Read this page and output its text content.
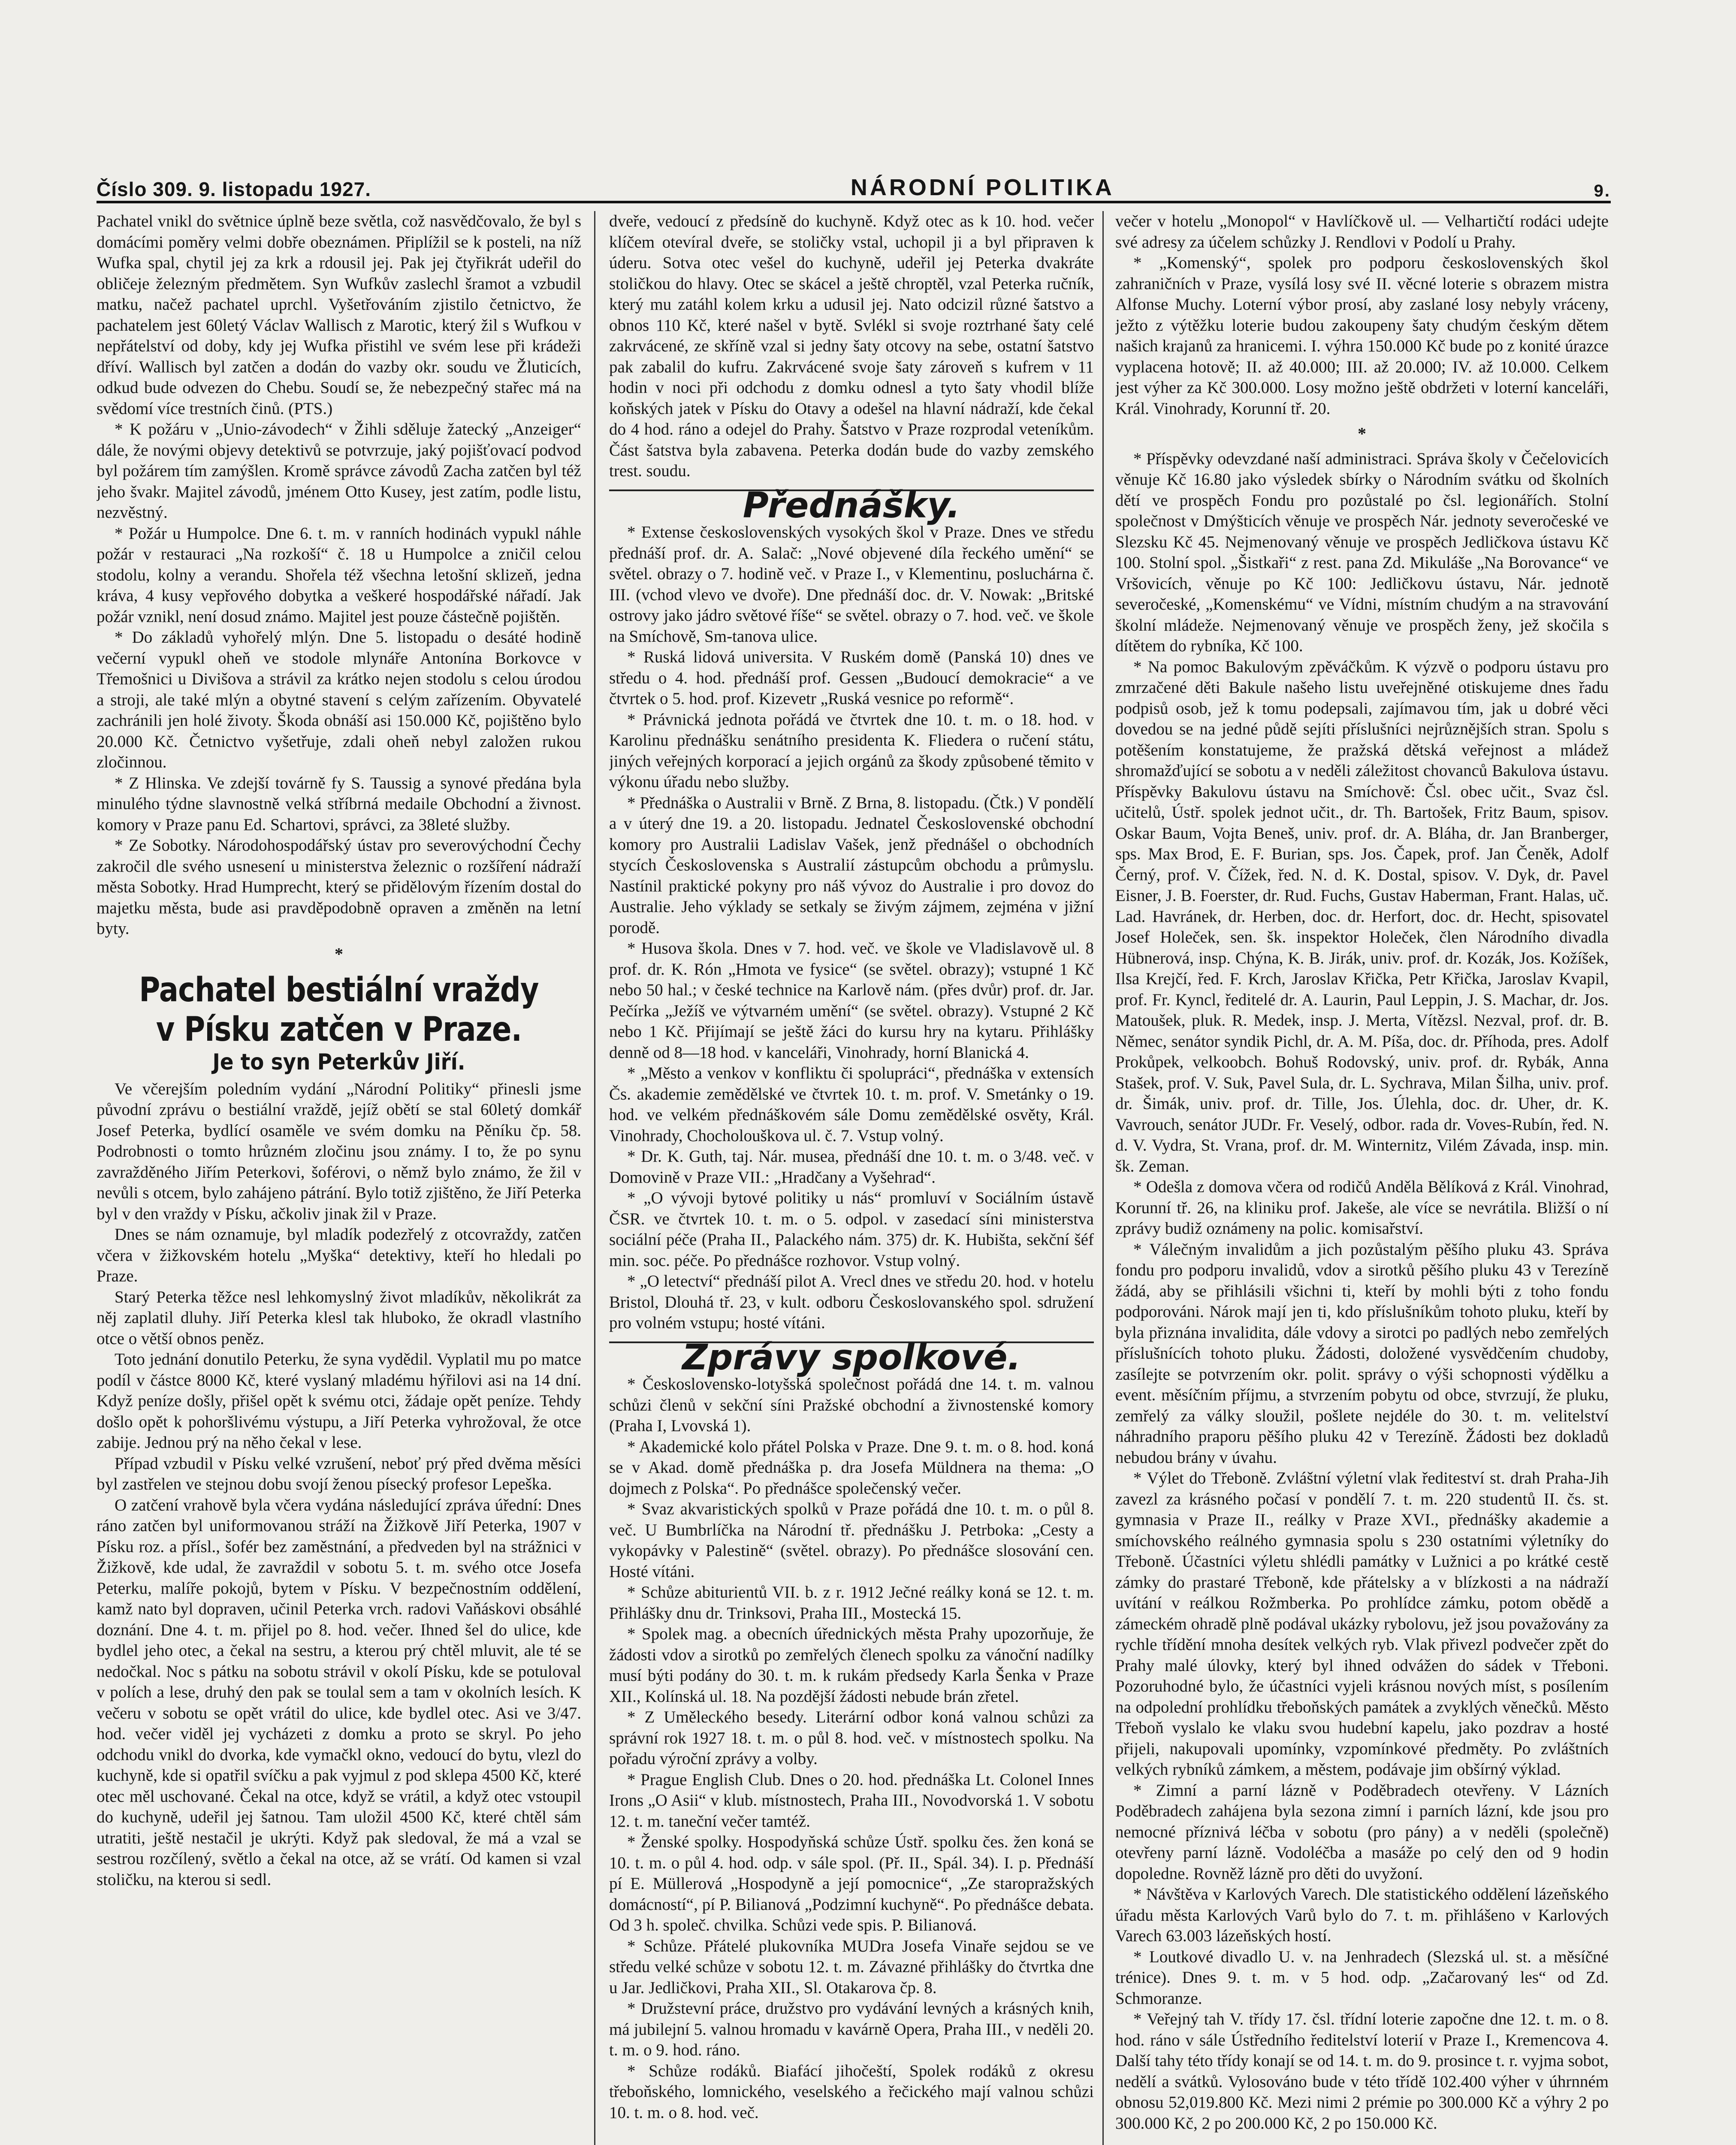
Číslo 309. 9. listopadu 1927.	NÁRODNÍ POLITIKA	9.

Pachatel vnikl do světnice úplně beze světla, což nasvědčovalo, že byl s domácími poměry velmi dobře obeznámen. Připlížil se k posteli, na níž Wufka spal, chytil jej za krk a rdousil jej. Pak jej čtyřikrát udeřil do obličeje železným předmětem. Syn Wufkův zaslechl šramot a vzbudil matku, načež pachatel uprchl. Vyšetřováním zjistilo četnictvo, že pachatelem jest 60letý Václav Wallisch z Marotic, který žil s Wufkou v nepřátelství od doby, kdy jej Wufka přistihl ve svém lese při krádeži dříví. Wallisch byl zatčen a dodán do vazby okr. soudu ve Žluticích, odkud bude odvezen do Chebu. Soudí se, že nebezpečný stařec má na svědomí více trestních činů. (PTS.)

* K požáru v „Unio-závodech“ v Žihli sděluje žatecký „Anzeiger“ dále, že novými objevy detektivů se potvrzuje, jaký pojišťovací podvod byl požárem tím zamýšlen. Kromě správce závodů Zacha zatčen byl též jeho švakr. Majitel závodů, jménem Otto Kusey, jest zatím, podle listu, nezvěstný.

* Požár u Humpolce. Dne 6. t. m. v ranních hodinách vypukl náhle požár v restauraci „Na rozkoší“ č. 18 u Humpolce a zničil celou stodolu, kolny a verandu. Shořela též všechna letošní sklizeň, jedna kráva, 4 kusy vepřového dobytka a veškeré hospodářské nářadí. Jak požár vznikl, není dosud známo. Majitel jest pouze částečně pojištěn.

* Do základů vyhořelý mlýn. Dne 5. listopadu o desáté hodině večerní vypukl oheň ve stodole mlynáře Antonína Borkovce v Třemošnici u Divišova a strávil za krátko nejen stodolu s celou úrodou a stroji, ale také mlýn a obytné stavení s celým zařízením. Obyvatelé zachránili jen holé životy. Škoda obnáší asi 150.000 Kč, pojištěno bylo 20.000 Kč. Četnictvo vyšetřuje, zdali oheň nebyl založen rukou zločinnou.

* Z Hlinska. Ve zdejší továrně fy S. Taussig a synové předána byla minulého týdne slavnostně velká stříbrná medaile Obchodní a živnost. komory v Praze panu Ed. Schartovi, správci, za 38leté služby.

* Ze Sobotky. Národohospodářský ústav pro severovýchodní Čechy zakročil dle svého usnesení u ministerstva železnic o rozšíření nádraží města Sobotky. Hrad Humprecht, který se přidělovým řízením dostal do majetku města, bude asi pravděpodobně opraven a změněn na letní byty.

*
Pachatel bestiální vraždy v Písku zatčen v Praze.
Je to syn Peterkův Jiří.

Ve včerejším poledním vydání „Národní Politiky“ přinesli jsme původní zprávu o bestiální vraždě, jejíž obětí se stal 60letý domkář Josef Peterka, bydlící osaměle ve svém domku na Pěníku čp. 58. Podrobnosti o tomto hrůzném zločinu jsou známy. I to, že po synu zavražděného Jiřím Peterkovi, šoférovi, o němž bylo známo, že žil v nevůli s otcem, bylo zahájeno pátrání. Bylo totiž zjištěno, že Jiří Peterka byl v den vraždy v Písku, ačkoliv jinak žil v Praze.

Dnes se nám oznamuje, byl mladík podezřelý z otcovraždy, zatčen včera v žižkovském hotelu „Myška“ detektivy, kteří ho hledali po Praze.

Starý Peterka těžce nesl lehkomyslný život mladíkův, několikrát za něj zaplatil dluhy. Jiří Peterka klesl tak hluboko, že okradl vlastního otce o větší obnos peněz.

Toto jednání donutilo Peterku, že syna vydědil. Vyplatil mu po matce podíl v částce 8000 Kč, které vyslaný mladému hýřilovi asi na 14 dní. Když peníze došly, přišel opět k svému otci, žádaje opět peníze. Tehdy došlo opět k pohoršlivému výstupu, a Jiří Peterka vyhrožoval, že otce zabije. Jednou prý na něho čekal v lese.

Případ vzbudil v Písku velké vzrušení, neboť prý před dvěma měsíci byl zastřelen ve stejnou dobu svojí ženou písecký profesor Lepeška.

O zatčení vrahově byla včera vydána následující zpráva úřední: Dnes ráno zatčen byl uniformovanou stráží na Žižkově Jiří Peterka, 1907 v Písku roz. a přísl., šofér bez zaměstnání, a předveden byl na strážnici v Žižkově, kde udal, že zavraždil v sobotu 5. t. m. svého otce Josefa Peterku, malíře pokojů, bytem v Písku. V bezpečnostním oddělení, kamž nato byl dopraven, učinil Peterka vrch. radovi Vaňáskovi obsáhlé doznání. Dne 4. t. m. přijel po 8. hod. večer. Ihned šel do ulice, kde bydlel jeho otec, a čekal na sestru, a kterou prý chtěl mluvit, ale té se nedočkal. Noc s pátku na sobotu strávil v okolí Písku, kde se potuloval v polích a lese, druhý den pak se toulal sem a tam v okolních lesích. K večeru v sobotu se opět vrátil do ulice, kde bydlel otec. Asi ve 3/47. hod. večer viděl jej vycházeti z domku a proto se skryl. Po jeho odchodu vnikl do dvorka, kde vymačkl okno, vedoucí do bytu, vlezl do kuchyně, kde si opatřil svíčku a pak vyjmul z pod sklepa 4500 Kč, které otec měl uschované. Čekal na otce, když se vrátil, a když otec vstoupil do kuchyně, udeřil jej šatnou. Tam uložil 4500 Kč, které chtěl sám utratiti, ještě nestačil je ukrýti. Když pak sledoval, že má a vzal se sestrou rozčílený, světlo a čekal na otce, až se vrátí. Od kamen si vzal stoličku, na kterou si sedl.

dveře, vedoucí z předsíně do kuchyně. Když otec as k 10. hod. večer klíčem otevíral dveře, se stoličky vstal, uchopil ji a byl připraven k úderu. Sotva otec vešel do kuchyně, udeřil jej Peterka dvakráte stoličkou do hlavy. Otec se skácel a ještě chroptěl, vzal Peterka ručník, který mu zatáhl kolem krku a udusil jej. Nato odcizil různé šatstvo a obnos 110 Kč, které našel v bytě. Svlékl si svoje roztrhané šaty celé zakrvácené, ze skříně vzal si jedny šaty otcovy na sebe, ostatní šatstvo pak zabalil do kufru. Zakrvácené svoje šaty zároveň s kufrem v 11 hodin v noci při odchodu z domku odnesl a tyto šaty vhodil blíže koňských jatek v Písku do Otavy a odešel na hlavní nádraží, kde čekal do 4 hod. ráno a odejel do Prahy. Šatstvo v Praze rozprodal veteníkům. Část šatstva byla zabavena. Peterka dodán bude do vazby zemského trest. soudu.

Přednášky.

* Extense československých vysokých škol v Praze. Dnes ve středu přednáší prof. dr. A. Salač: „Nové objevené díla řeckého umění“ se světel. obrazy o 7. hodině več. v Praze I., v Klementinu, posluchárna č. III. (vchod vlevo ve dvoře). Dne přednáší doc. dr. V. Nowak: „Britské ostrovy jako jádro světové říše“ se světel. obrazy o 7. hod. več. ve škole na Smíchově, Sm-tanova ulice.

* Ruská lidová universita. V Ruském domě (Panská 10) dnes ve středu o 4. hod. přednáší prof. Gessen „Budoucí demokracie“ a ve čtvrtek o 5. hod. prof. Kizevetr „Ruská vesnice po reformě“.

* Právnická jednota pořádá ve čtvrtek dne 10. t. m. o 18. hod. v Karolinu přednášku senátního presidenta K. Fliedera o ručení státu, jiných veřejných korporací a jejich orgánů za škody způsobené těmito v výkonu úřadu nebo služby.

* Přednáška o Australii v Brně. Z Brna, 8. listopadu. (Čtk.) V pondělí a v úterý dne 19. a 20. listopadu. Jednatel Československé obchodní komory pro Australii Ladislav Vašek, jenž přednášel o obchodních stycích Československa s Australií zástupcům obchodu a průmyslu. Nastínil praktické pokyny pro náš vývoz do Australie i pro dovoz do Australie. Jeho výklady se setkaly se živým zájmem, zejména v jižní porodě.

* Husova škola. Dnes v 7. hod. več. ve škole ve Vladislavově ul. 8 prof. dr. K. Rón „Hmota ve fysice“ (se světel. obrazy); vstupné 1 Kč nebo 50 hal.; v české technice na Karlově nám. (přes dvůr) prof. dr. Jar. Pečírka „Ježíš ve výtvarném umění“ (se světel. obrazy). Vstupné 2 Kč nebo 1 Kč. Přijímají se ještě žáci do kursu hry na kytaru. Přihlášky denně od 8—18 hod. v kanceláři, Vinohrady, horní Blanická 4.

* „Město a venkov v konfliktu či spolupráci“, přednáška v extensích Čs. akademie zemědělské ve čtvrtek 10. t. m. prof. V. Smetánky o 19. hod. ve velkém přednáškovém sále Domu zemědělské osvěty, Král. Vinohrady, Chocholouškova ul. č. 7. Vstup volný.

* Dr. K. Guth, taj. Nár. musea, přednáší dne 10. t. m. o 3/48. več. v Domovině v Praze VII.: „Hradčany a Vyšehrad“.

* „O vývoji bytové politiky u nás“ promluví v Sociálním ústavě ČSR. ve čtvrtek 10. t. m. o 5. odpol. v zasedací síni ministerstva sociální péče (Praha II., Palackého nám. 375) dr. K. Hubišta, sekční šéf min. soc. péče. Po přednášce rozhovor. Vstup volný.

* „O letectví“ přednáší pilot A. Vrecl dnes ve středu 20. hod. v hotelu Bristol, Dlouhá tř. 23, v kult. odboru Českoslovanského spol. sdružení pro volném vstupu; hosté vítáni.

Zprávy spolkové.

* Československo-lotyšská společnost pořádá dne 14. t. m. valnou schůzi členů v sekční síni Pražské obchodní a živnostenské komory (Praha I, Lvovská 1).

* Akademické kolo přátel Polska v Praze. Dne 9. t. m. o 8. hod. koná se v Akad. domě přednáška p. dra Josefa Müldnera na thema: „O dojmech z Polska“. Po přednášce společenský večer.

* Svaz akvaristických spolků v Praze pořádá dne 10. t. m. o půl 8. več. U Bumbrlíčka na Národní tř. přednášku J. Petrboka: „Cesty a vykopávky v Palestině“ (světel. obrazy). Po přednášce slosování cen. Hosté vítáni.

* Schůze abiturientů VII. b. z r. 1912 Ječné reálky koná se 12. t. m. Přihlášky dnu dr. Trinksovi, Praha III., Mostecká 15.

* Spolek mag. a obecních úřednických města Prahy upozorňuje, že žádosti vdov a sirotků po zemřelých členech spolku za vánoční nadílky musí býti podány do 30. t. m. k rukám předsedy Karla Šenka v Praze XII., Kolínská ul. 18. Na pozdější žádosti nebude brán zřetel.

* Z Uměleckého besedy. Literární odbor koná valnou schůzi za správní rok 1927 18. t. m. o půl 8. hod. več. v místnostech spolku. Na pořadu výroční zprávy a volby.

* Prague English Club. Dnes o 20. hod. přednáška Lt. Colonel Innes Irons „O Asii“ v klub. místnostech, Praha III., Novodvorská 1. V sobotu 12. t. m. taneční večer tamtéž.

* Ženské spolky. Hospodyňská schůze Ústř. spolku čes. žen koná se 10. t. m. o půl 4. hod. odp. v sále spol. (Př. II., Spál. 34). I. p. Přednáší pí E. Müllerová „Hospodyně a její pomocnice“, „Ze staropražských domácností“, pí P. Bilianová „Podzimní kuchyně“. Po přednášce debata. Od 3 h. společ. chvilka. Schůzi vede spis. P. Bilianová.

* Schůze. Přátelé plukovníka MUDra Josefa Vinaře sejdou se ve středu velké schůze v sobotu 12. t. m. Závazné přihlášky do čtvrtka dne u Jar. Jedličkovi, Praha XII., Sl. Otakarova čp. 8.

* Družstevní práce, družstvo pro vydávání levných a krásných knih, má jubilejní 5. valnou hromadu v kavárně Opera, Praha III., v neděli 20. t. m. o 9. hod. ráno.

* Schůze rodáků. Biafácí jihočeští, Spolek rodáků z okresu třeboňského, lomnického, veselského a řečického mají valnou schůzi 10. t. m. o 8. hod. več.

večer v hotelu „Monopol“ v Havlíčkově ul. — Velhartičtí rodáci udejte své adresy za účelem schůzky J. Rendlovi v Podolí u Prahy.

* „Komenský“, spolek pro podporu československých škol zahraničních v Praze, vysílá losy své II. věcné loterie s obrazem mistra Alfonse Muchy. Loterní výbor prosí, aby zaslané losy nebyly vráceny, ježto z výtěžku loterie budou zakoupeny šaty chudým českým dětem našich krajanů za hranicemi. I. výhra 150.000 Kč bude po z konité úrazce vyplacena hotově; II. až 40.000; III. až 20.000; IV. až 10.000. Celkem jest výher za Kč 300.000. Losy možno ještě obdržeti v loterní kanceláři, Král. Vinohrady, Korunní tř. 20.

*

* Příspěvky odevzdané naší administraci. Správa školy v Čečelovicích věnuje Kč 16.80 jako výsledek sbírky o Národním svátku od školních dětí ve prospěch Fondu pro pozůstalé po čsl. legionářích. Stolní společnost v Dmýšticích věnuje ve prospěch Nár. jednoty severočeské ve Slezsku Kč 45. Nejmenovaný věnuje ve prospěch Jedličkova ústavu Kč 100. Stolní spol. „Šistkaři“ z rest. pana Zd. Mikuláše „Na Borovance“ ve Vršovicích, věnuje po Kč 100: Jedličkovu ústavu, Nár. jednotě severočeské, „Komenskému“ ve Vídni, místním chudým a na stravování školní mládeže. Nejmenovaný věnuje ve prospěch ženy, jež skočila s dítětem do rybníka, Kč 100.

* Na pomoc Bakulovým zpěváčkům. K výzvě o podporu ústavu pro zmrzačené děti Bakule našeho listu uveřejněné otiskujeme dnes řadu podpisů osob, jež k tomu podepsali, zajímavou tím, jak u dobré věci dovedou se na jedné půdě sejíti příslušníci nejrůznějších stran. Spolu s potěšením konstatujeme, že pražská dětská veřejnost a mládež shromažďující se sobotu a v neděli záležitost chovanců Bakulova ústavu. Příspěvky Bakulovu ústavu na Smíchově: Čsl. obec učit., Svaz čsl. učitelů, Ústř. spolek jednot učit., dr. Th. Bartošek, Fritz Baum, spisov. Oskar Baum, Vojta Beneš, univ. prof. dr. A. Bláha, dr. Jan Branberger, sps. Max Brod, E. F. Burian, sps. Jos. Čapek, prof. Jan Čeněk, Adolf Černý, prof. V. Čížek, řed. N. d. K. Dostal, spisov. V. Dyk, dr. Pavel Eisner, J. B. Foerster, dr. Rud. Fuchs, Gustav Haberman, Frant. Halas, uč. Lad. Havránek, dr. Herben, doc. dr. Herfort, doc. dr. Hecht, spisovatel Josef Holeček, sen. šk. inspektor Holeček, člen Národního divadla Hübnerová, insp. Chýna, K. B. Jirák, univ. prof. dr. Kozák, Jos. Kožíšek, Ilsa Krejčí, řed. F. Krch, Jaroslav Křička, Petr Křička, Jaroslav Kvapil, prof. Fr. Kyncl, ředitelé dr. A. Laurin, Paul Leppin, J. S. Machar, dr. Jos. Matoušek, pluk. R. Medek, insp. J. Merta, Vítězsl. Nezval, prof. dr. B. Němec, senátor syndik Pichl, dr. A. M. Píša, doc. dr. Příhoda, pres. Adolf Prokůpek, velkoobch. Bohuš Rodovský, univ. prof. dr. Rybák, Anna Stašek, prof. V. Suk, Pavel Sula, dr. L. Sychrava, Milan Šilha, univ. prof. dr. Šimák, univ. prof. dr. Tille, Jos. Úlehla, doc. dr. Uher, dr. K. Vavrouch, senátor JUDr. Fr. Veselý, odbor. rada dr. Voves-Rubín, řed. N. d. V. Vydra, St. Vrana, prof. dr. M. Winternitz, Vilém Závada, insp. min. šk. Zeman.

* Odešla z domova včera od rodičů Anděla Bělíková z Král. Vinohrad, Korunní tř. 26, na kliniku prof. Jakeše, ale více se nevrátila. Bližší o ní zprávy budiž oznámeny na polic. komisařství.

* Válečným invalidům a jich pozůstalým pěšího pluku 43. Správa fondu pro podporu invalidů, vdov a sirotků pěšího pluku 43 v Terezíně žádá, aby se přihlásili všichni ti, kteří by mohli býti z toho fondu podporováni. Nárok mají jen ti, kdo příslušníkům tohoto pluku, kteří by byla přiznána invalidita, dále vdovy a sirotci po padlých nebo zemřelých příslušnících tohoto pluku. Žádosti, doložené vysvědčením chudoby, zasílejte se potvrzením okr. polit. správy o výši schopnosti výdělku a event. měsíčním příjmu, a stvrzením pobytu od obce, stvrzují, že pluku, zemřelý za války sloužil, pošlete nejdéle do 30. t. m. velitelství náhradního praporu pěšího pluku 42 v Terezíně. Žádosti bez dokladů nebudou brány v úvahu.

* Výlet do Třeboně. Zvláštní výletní vlak řediteství st. drah Praha-Jih zavezl za krásného počasí v pondělí 7. t. m. 220 studentů II. čs. st. gymnasia v Praze II., reálky v Praze XVI., přednášky akademie a smíchovského reálného gymnasia spolu s 230 ostatními výletníky do Třeboně. Účastníci výletu shlédli památky v Lužnici a po krátké cestě zámky do prastaré Třeboně, kde přátelsky a v blízkosti a na nádraží uvítání v reálkou Rožmberka. Po prohlídce zámku, potom obědě a zámeckém ohradě plně podával ukázky rybolovu, jež jsou považovány za rychle třídění mnoha desítek velkých ryb. Vlak přivezl podvečer zpět do Prahy malé úlovky, který byl ihned odvážen do sádek v Třeboni. Pozoruhodné bylo, že účastníci vyjeli krásnou nových míst, s posílením na odpolední prohlídku třeboňských památek a zvyklých věnečků. Město Třeboň vyslalo ke vlaku svou hudební kapelu, jako pozdrav a hosté přijeli, nakupovali upomínky, vzpomínkové předměty. Po zvláštních velkých rybníků zámkem, a městem, podávaje jim obšírný výklad.

* Zimní a parní lázně v Poděbradech otevřeny. V Lázních Poděbradech zahájena byla sezona zimní i parních lázní, kde jsou pro nemocné příznivá léčba v sobotu (pro pány) a v neděli (společně) otevřeny parní lázně. Vodoléčba a masáže po celý den od 9 hodin dopoledne. Rovněž lázně pro děti do uvyžoní.

* Návštěva v Karlových Varech. Dle statistického oddělení lázeňského úřadu města Karlových Varů bylo do 7. t. m. přihlášeno v Karlových Varech 63.003 lázeňských hostí.

* Loutkové divadlo U. v. na Jenhradech (Slezská ul. st. a měsíčné trénice). Dnes 9. t. m. v 5 hod. odp. „Začarovaný les“ od Zd. Schmoranze.

* Veřejný tah V. třídy 17. čsl. třídní loterie započne dne 12. t. m. o 8. hod. ráno v sále Ústředního ředitelství loterií v Praze I., Kremencova 4. Další tahy této třídy konají se od 14. t. m. do 9. prosince t. r. vyjma sobot, nedělí a svátků. Vylosováno bude v této třídě 102.400 výher v úhrnném obnosu 52,019.800 Kč. Mezi nimi 2 prémie po 300.000 Kč a výhry 2 po 300.000 Kč, 2 po 200.000 Kč, 2 po 150.000 Kč.
